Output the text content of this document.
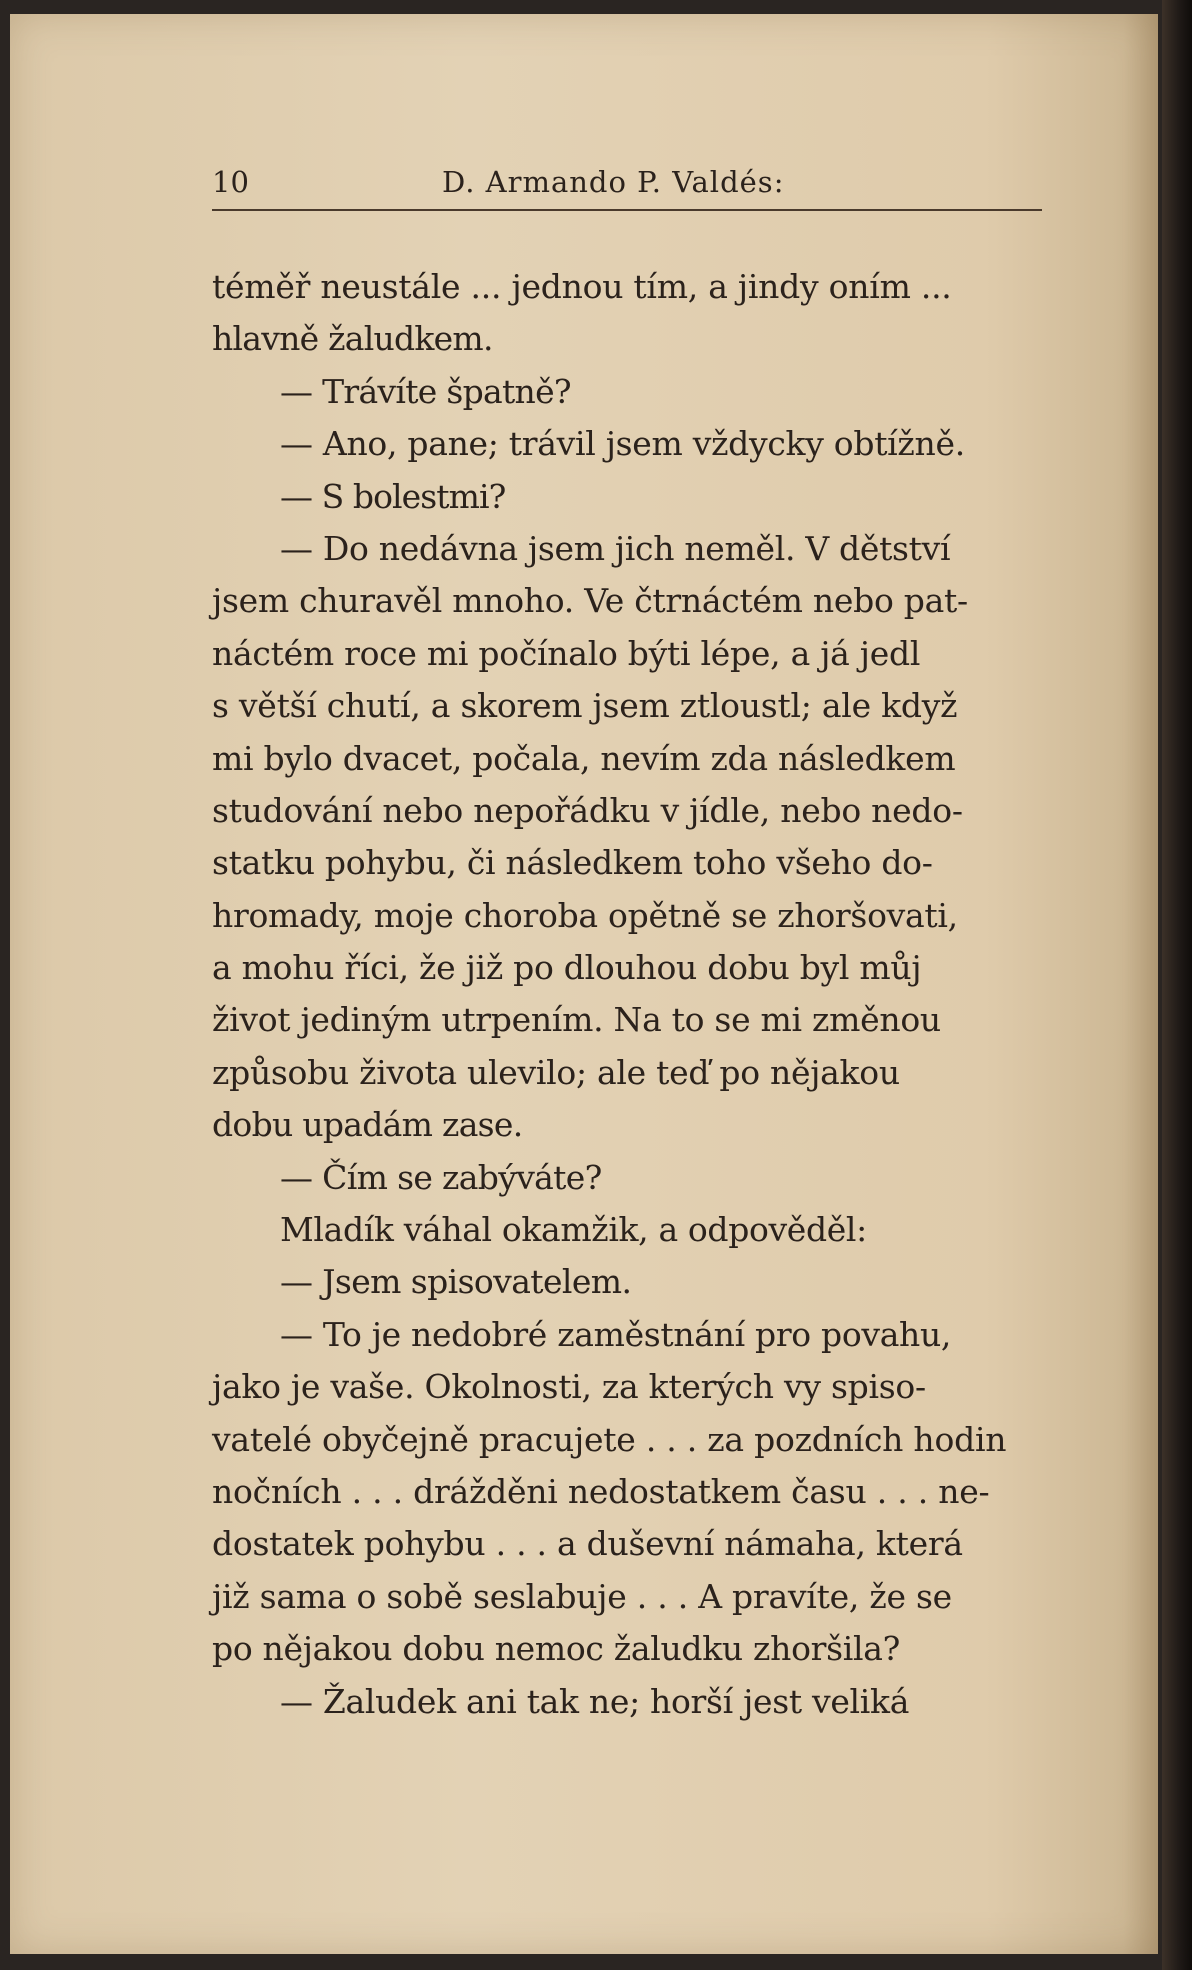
10	D. Armando P. Valdés:
téměř neustále ... jednou tím, a jindy oním ...
hlavně žaludkem.
— Trávíte špatně?
— Ano, pane; trávil jsem vždycky obtížně.
— S bolestmi?
— Do nedávna jsem jich neměl. V dětství
jsem churavěl mnoho. Ve čtrnáctém nebo pat-
náctém roce mi počínalo býti lépe, a já jedl
s větší chutí, a skorem jsem ztloustl; ale když
mi bylo dvacet, počala, nevím zda následkem
studování nebo nepořádku v jídle, nebo nedo-
statku pohybu, či následkem toho všeho do-
hromady, moje choroba opětně se zhoršovati,
a mohu říci, že již po dlouhou dobu byl můj
život jediným utrpením. Na to se mi změnou
způsobu života ulevilo; ale teď po nějakou
dobu upadám zase.
— Čím se zabýváte?
Mladík váhal okamžik, a odpověděl:
— Jsem spisovatelem.
— To je nedobré zaměstnání pro povahu,
jako je vaše. Okolnosti, za kterých vy spiso-
vatelé obyčejně pracujete . . . za pozdních hodin
nočních . . . drážděni nedostatkem času . . . ne-
dostatek pohybu . . . a duševní námaha, která
již sama o sobě seslabuje . . . A pravíte, že se
po nějakou dobu nemoc žaludku zhoršila?
— Žaludek ani tak ne; horší jest veliká
